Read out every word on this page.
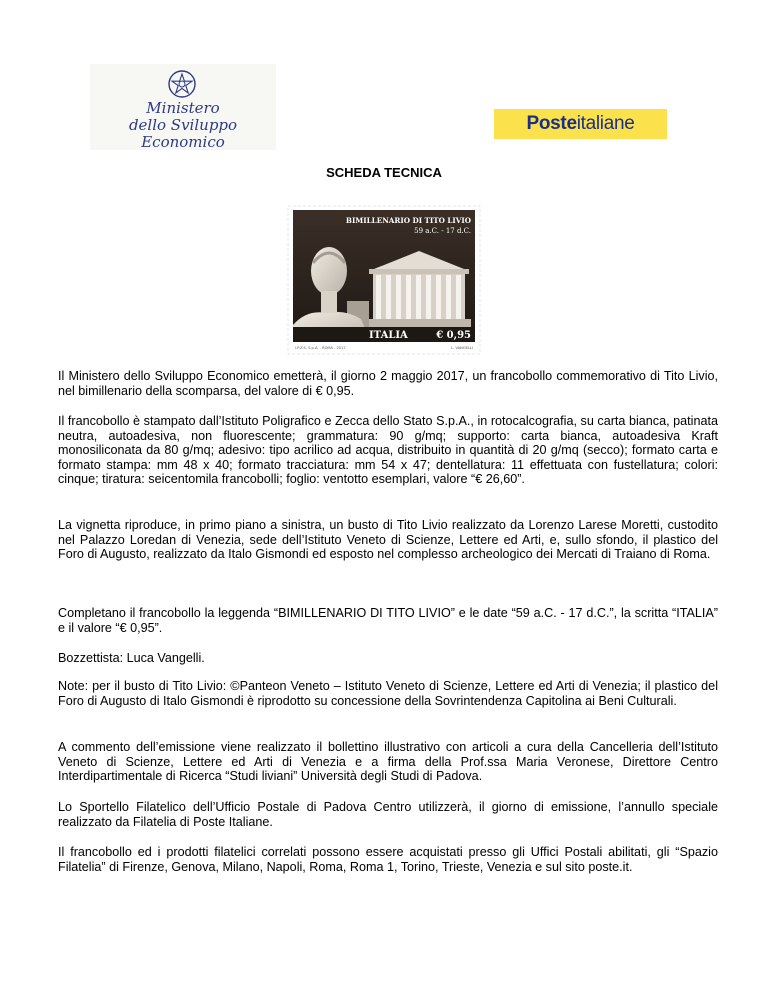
Ministero
dello Sviluppo Economico
Poste italiane
SCHEDA TECNICA
BIMILLENARIO DI TITO LIVIO
59 a.C. - 17 d.C.
ITALIA	€ 0,95
I.P.Z.S. S.p.A. - ROMA - 2017	L. VANGELLI

Il Ministero dello Sviluppo Economico emetterà, il giorno 2 maggio 2017, un francobollo commemorativo di Tito Livio, nel bimillenario della scomparsa, del valore di € 0,95.

Il francobollo è stampato dall’Istituto Poligrafico e Zecca dello Stato S.p.A., in rotocalcografia, su carta bianca, patinata neutra, autoadesiva, non fluorescente; grammatura: 90 g/mq; supporto: carta bianca, autoadesiva Kraft monosiliconata da 80 g/mq; adesivo: tipo acrilico ad acqua, distribuito in quantità di 20 g/mq (secco); formato carta e formato stampa: mm 48 x 40; formato tracciatura: mm 54 x 47; dentellatura: 11 effettuata con fustellatura; colori: cinque; tiratura: seicentomila francobolli; foglio: ventotto esemplari, valore “€ 26,60”.

La vignetta riproduce, in primo piano a sinistra, un busto di Tito Livio realizzato da Lorenzo Larese Moretti, custodito nel Palazzo Loredan di Venezia, sede dell’Istituto Veneto di Scienze, Lettere ed Arti, e, sullo sfondo, il plastico del Foro di Augusto, realizzato da Italo Gismondi ed esposto nel complesso archeologico dei Mercati di Traiano di Roma.

Completano il francobollo la leggenda “BIMILLENARIO DI TITO LIVIO” e le date “59 a.C. - 17 d.C.”, la scritta “ITALIA” e il valore “€ 0,95”.

Bozzettista: Luca Vangelli.

Note: per il busto di Tito Livio: ©Panteon Veneto – Istituto Veneto di Scienze, Lettere ed Arti di Venezia; il plastico del Foro di Augusto di Italo Gismondi è riprodotto su concessione della Sovrintendenza Capitolina ai Beni Culturali.

A commento dell’emissione viene realizzato il bollettino illustrativo con articoli a cura della Cancelleria dell’Istituto Veneto di Scienze, Lettere ed Arti di Venezia e a firma della Prof.ssa Maria Veronese, Direttore Centro Interdipartimentale di Ricerca “Studi liviani” Università degli Studi di Padova.

Lo Sportello Filatelico dell’Ufficio Postale di Padova Centro utilizzerà, il giorno di emissione, l’annullo speciale realizzato da Filatelia di Poste Italiane.

Il francobollo ed i prodotti filatelici correlati possono essere acquistati presso gli Uffici Postali abilitati, gli “Spazio Filatelia” di Firenze, Genova, Milano, Napoli, Roma, Roma 1, Torino, Trieste, Venezia e sul sito poste.it.
